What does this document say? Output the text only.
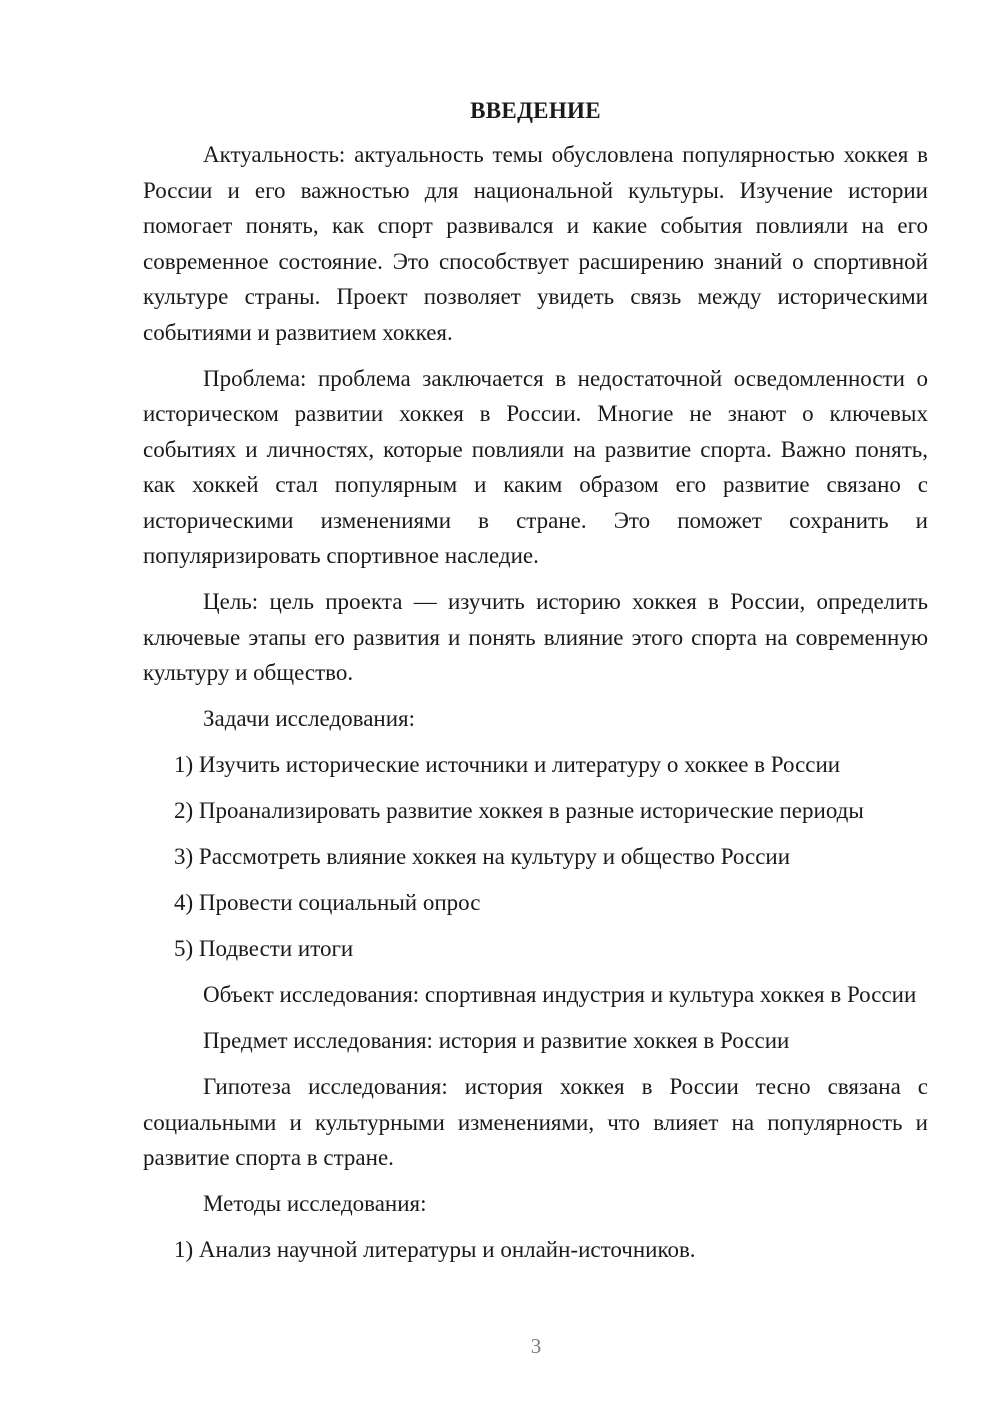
ВВЕДЕНИЕ

Актуальность: актуальность темы обусловлена популярностью хоккея в России и его важностью для национальной культуры. Изучение истории помогает понять, как спорт развивался и какие события повлияли на его современное состояние. Это способствует расширению знаний о спортивной культуре страны. Проект позволяет увидеть связь между историческими событиями и развитием хоккея.

Проблема: проблема заключается в недостаточной осведомленности о историческом развитии хоккея в России. Многие не знают о ключевых событиях и личностях, которые повлияли на развитие спорта. Важно понять, как хоккей стал популярным и каким образом его развитие связано с историческими изменениями в стране. Это поможет сохранить и популяризировать спортивное наследие.

Цель: цель проекта — изучить историю хоккея в России, определить ключевые этапы его развития и понять влияние этого спорта на современную культуру и общество.

Задачи исследования:

1) Изучить исторические источники и литературу о хоккее в России
2) Проанализировать развитие хоккея в разные исторические периоды
3) Рассмотреть влияние хоккея на культуру и общество России
4) Провести социальный опрос
5) Подвести итоги

Объект исследования: спортивная индустрия и культура хоккея в России

Предмет исследования: история и развитие хоккея в России

Гипотеза исследования: история хоккея в России тесно связана с социальными и культурными изменениями, что влияет на популярность и развитие спорта в стране.

Методы исследования:

1) Анализ научной литературы и онлайн-источников.
3
